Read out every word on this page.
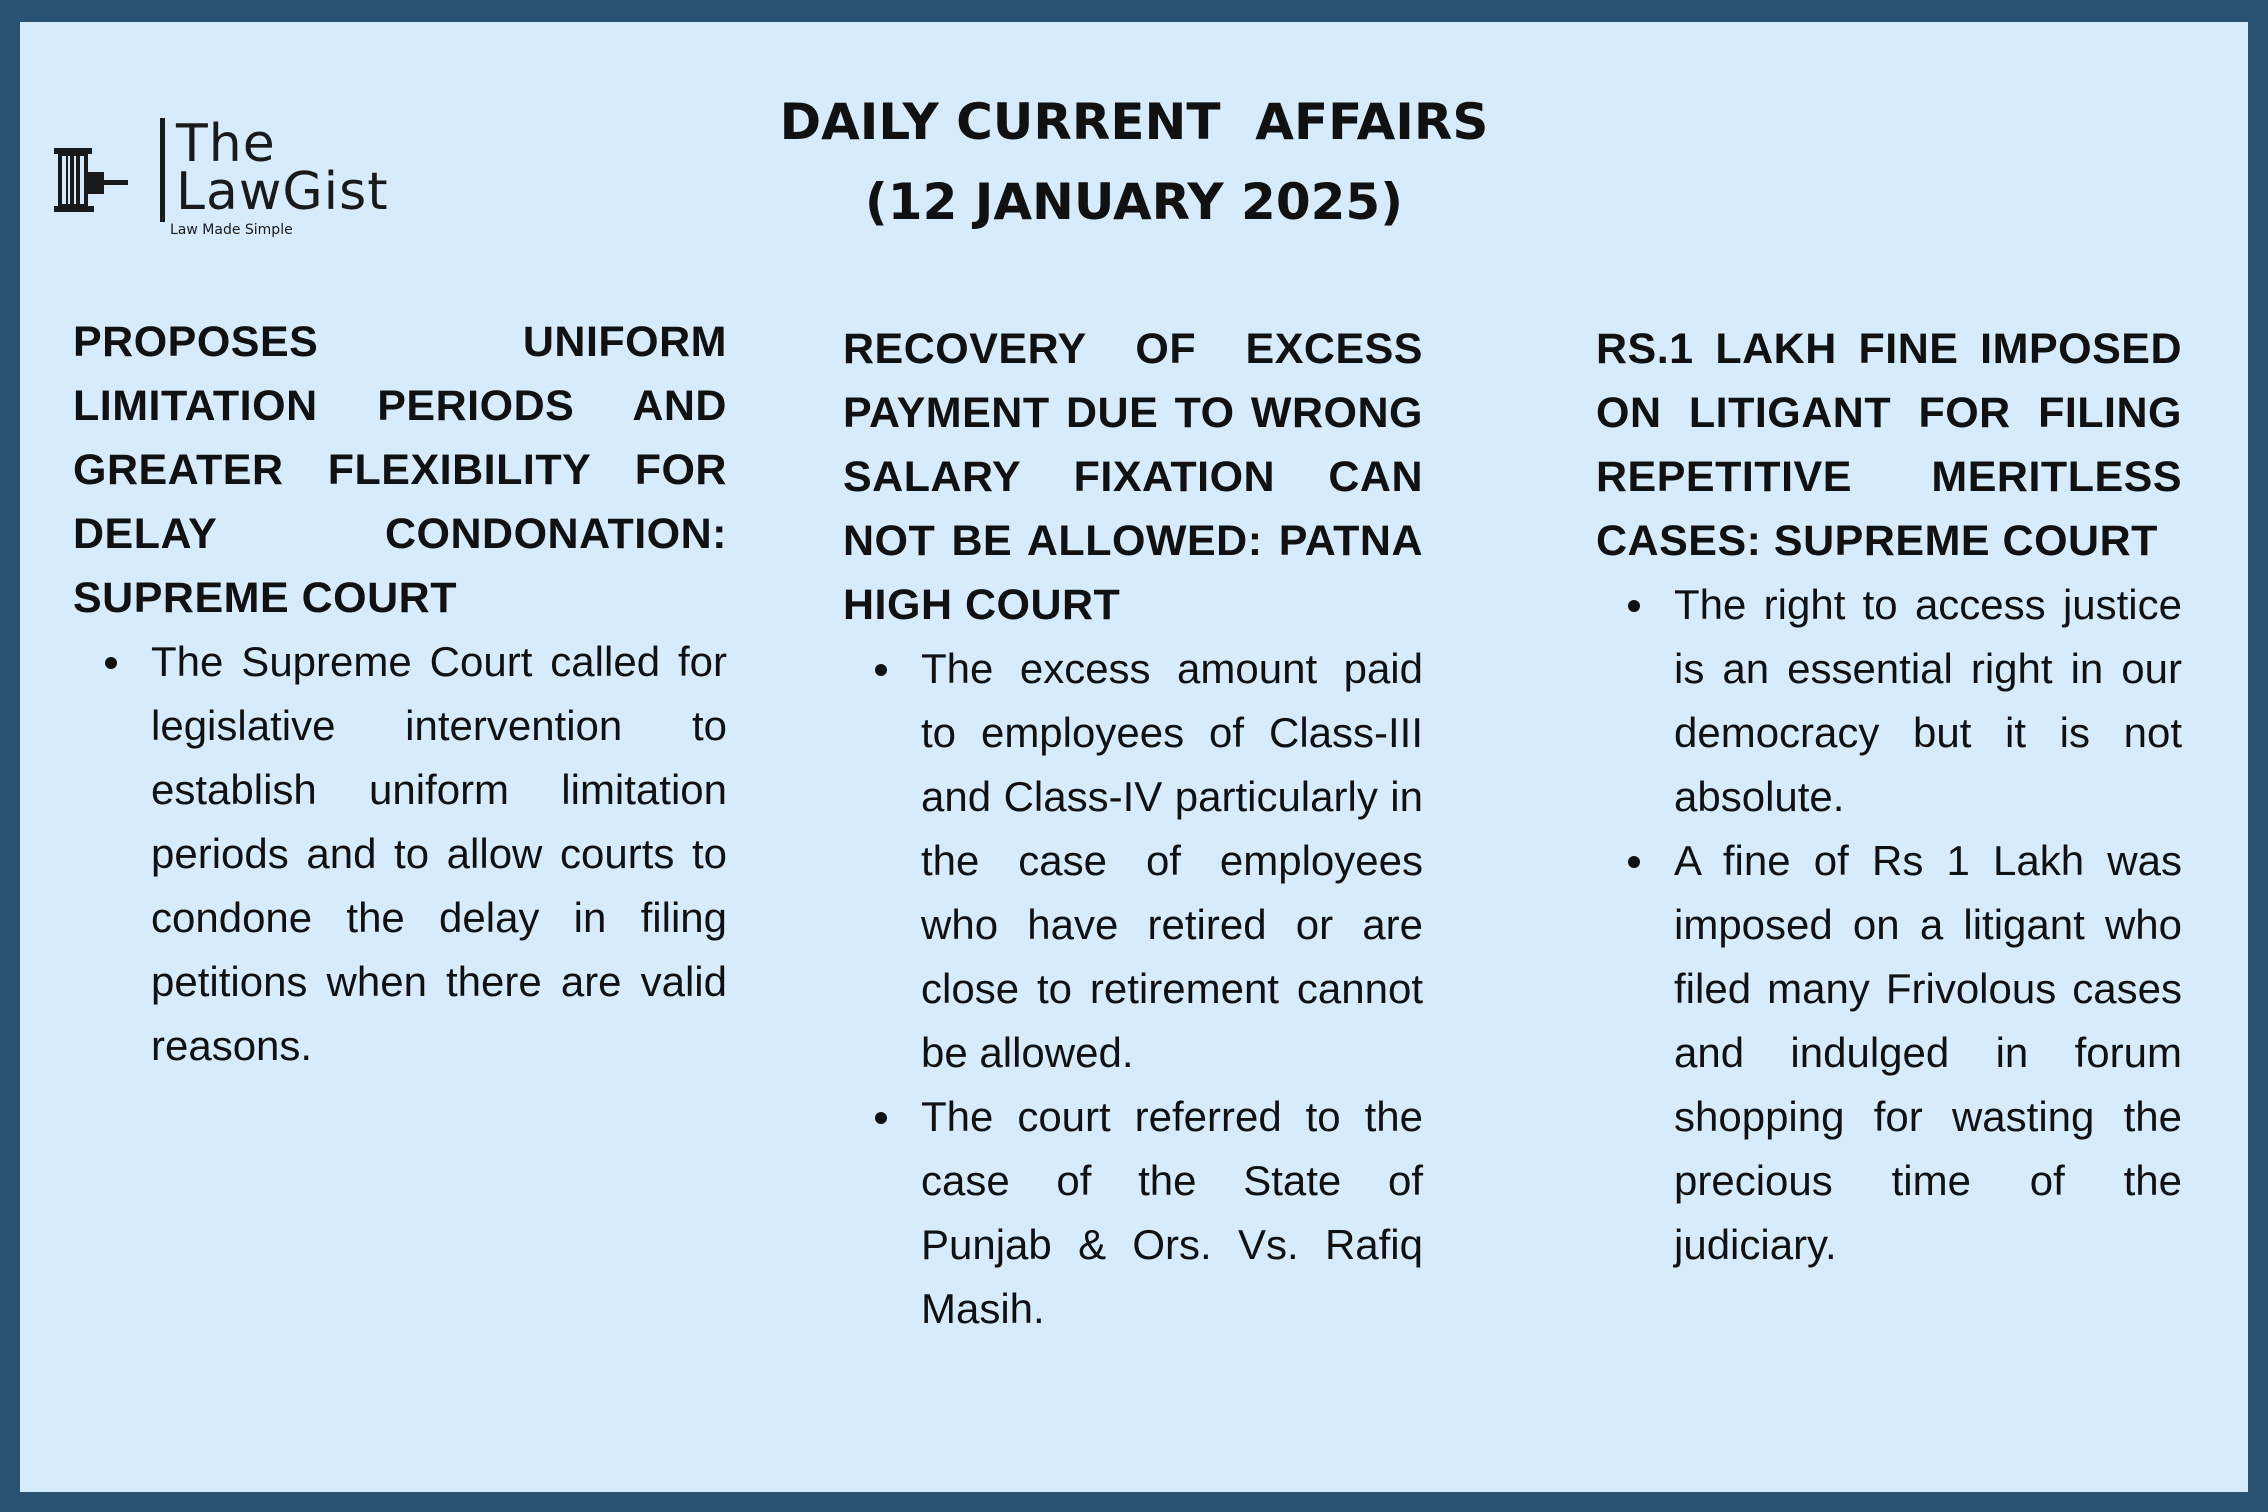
The
LawGist
Law Made Simple
DAILY CURRENT  AFFAIRS
(12 JANUARY 2025)

PROPOSES UNIFORM LIMITATION PERIODS AND GREATER FLEXIBILITY FOR DELAY CONDONATION: SUPREME COURT

The Supreme Court called for legislative intervention to establish uniform limitation periods and to allow courts to condone the delay in filing petitions when there are valid reasons.

RECOVERY OF EXCESS PAYMENT DUE TO WRONG SALARY FIXATION CAN NOT BE ALLOWED: PATNA HIGH COURT

The excess amount paid to employees of Class-III and Class-IV particularly in the case of employees who have retired or are close to retirement cannot be allowed.
The court referred to the case of the State of Punjab & Ors. Vs. Rafiq Masih.

RS.1 LAKH FINE IMPOSED ON LITIGANT FOR FILING REPETITIVE MERITLESS CASES: SUPREME COURT

The right to access justice is an essential right in our democracy but it is not absolute.
A fine of Rs 1 Lakh was imposed on a litigant who filed many Frivolous cases and indulged in forum shopping for wasting the precious time of the judiciary.
